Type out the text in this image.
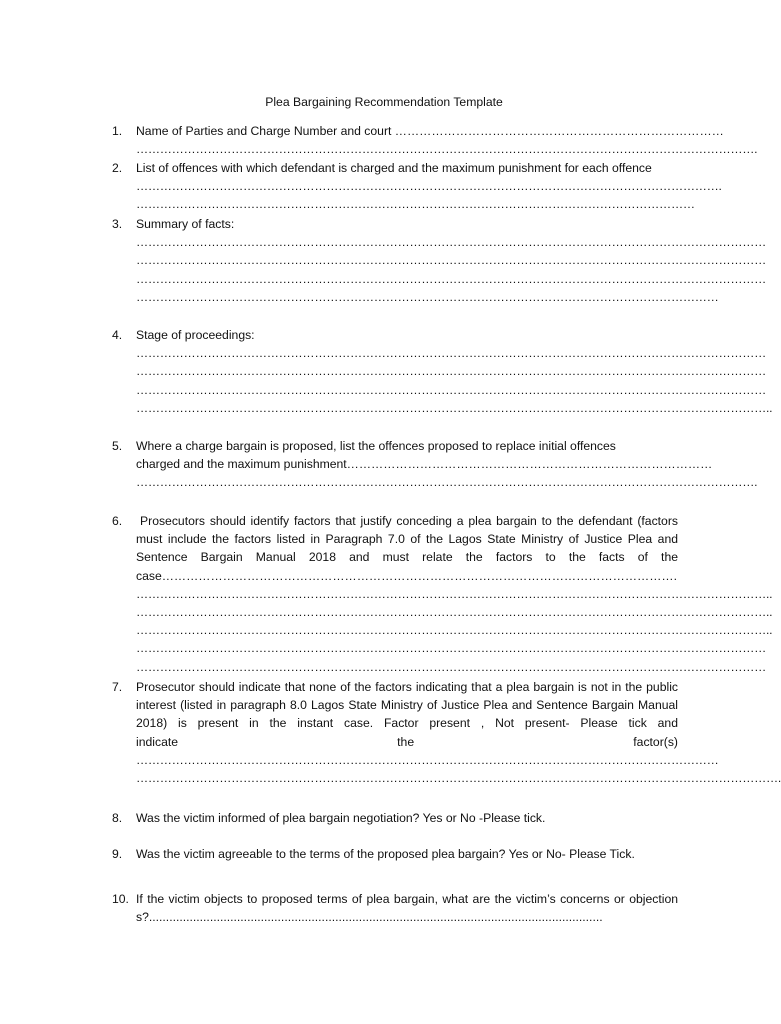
Plea Bargaining Recommendation Template
1. Name of Parties and Charge Number and court ………………………………………………………………………
………………………………………………………………………………………………………………………………………….
2. List of offences with which defendant is charged and the maximum punishment for each offence
………………………………………………………………………………………………………………………………….
……………………………………………………………………………………………………………………………
3. Summary of facts:
……………………………………………………………………………………………………………………………………………
……………………………………………………………………………………………………………………………………………
……………………………………………………………………………………………………………………………………………
…………………………………………………………………………………………………………………………………
4. Stage of proceedings:
……………………………………………………………………………………………………………………………………………
……………………………………………………………………………………………………………………………………………
……………………………………………………………………………………………………………………………………………
……………………………………………………………………………………………………………………………………………..
5. Where a charge bargain is proposed, list the offences proposed to replace initial offences
charged and the maximum punishment………………………………………………………………………………
………………………………………………………………………………………………………………………………………….
6.	Prosecutors should identify factors that justify conceding a plea bargain to the defendant (factors must include the factors listed in Paragraph 7.0 of the Lagos State Ministry of Justice Plea and Sentence Bargain Manual 2018 and must relate the factors to the facts of the case……………………………………………………………………………………………………………….
……………………………………………………………………………………………………………………………………………..
……………………………………………………………………………………………………………………………………………..
……………………………………………………………………………………………………………………………………………..
……………………………………………………………………………………………………………………………………………
……………………………………………………………………………………………………………………………………………
7. Prosecutor should indicate that none of the factors indicating that a plea bargain is not in the public interest (listed in paragraph 8.0 Lagos State Ministry of Justice Plea and Sentence Bargain Manual 2018) is present in the instant case. Factor present , Not present- Please tick and
indicate	the	factor(s)
…………………………………………………………………………………………………………………………………
……………………………………………………………………………………………………………………………………………….
8. Was the victim informed of plea bargain negotiation? Yes or No -Please tick.
9. Was the victim agreeable to the terms of the proposed plea bargain? Yes or No- Please Tick.
10. If the victim objects to proposed terms of plea bargain, what are the victim’s concerns or objections?......................................................................................................................................
